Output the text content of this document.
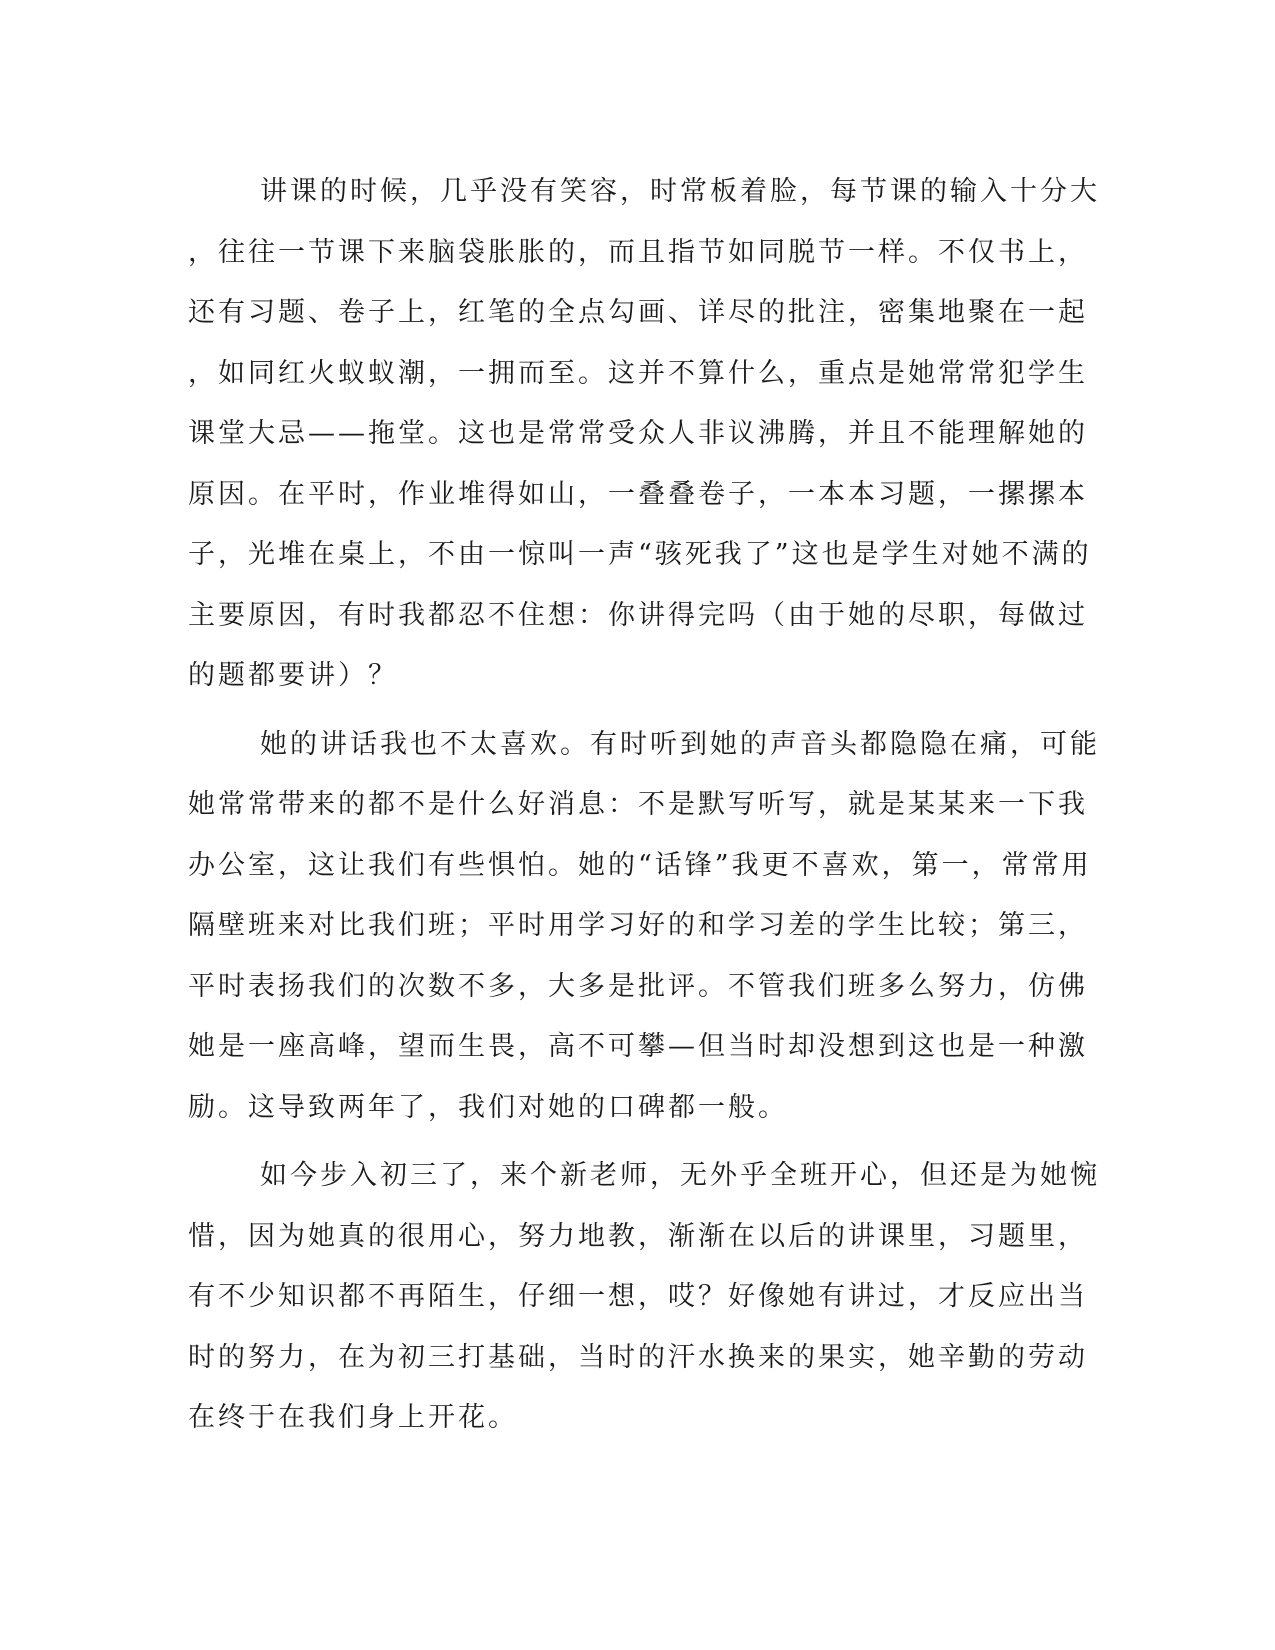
讲课的时候，几乎没有笑容，时常板着脸，每节课的输入十分大
，往往一节课下来脑袋胀胀的，而且指节如同脱节一样。不仅书上，
还有习题、卷子上，红笔的全点勾画、详尽的批注，密集地聚在一起
，如同红火蚁蚁潮，一拥而至。这并不算什么，重点是她常常犯学生
课堂大忌——拖堂。这也是常常受众人非议沸腾，并且不能理解她的
原因。在平时，作业堆得如山，一叠叠卷子，一本本习题，一摞摞本
子，光堆在桌上，不由一惊叫一声“骇死我了”这也是学生对她不满的
主要原因，有时我都忍不住想：你讲得完吗（由于她的尽职，每做过
的题都要讲）？
她的讲话我也不太喜欢。有时听到她的声音头都隐隐在痛，可能
她常常带来的都不是什么好消息：不是默写听写，就是某某来一下我
办公室，这让我们有些惧怕。她的“话锋”我更不喜欢，第一，常常用
隔壁班来对比我们班；平时用学习好的和学习差的学生比较；第三，
平时表扬我们的次数不多，大多是批评。不管我们班多么努力，仿佛
她是一座高峰，望而生畏，高不可攀—但当时却没想到这也是一种激
励。这导致两年了，我们对她的口碑都一般。
如今步入初三了，来个新老师，无外乎全班开心，但还是为她惋
惜，因为她真的很用心，努力地教，渐渐在以后的讲课里，习题里，
有不少知识都不再陌生，仔细一想，哎？好像她有讲过，才反应出当
时的努力，在为初三打基础，当时的汗水换来的果实，她辛勤的劳动
在终于在我们身上开花。
